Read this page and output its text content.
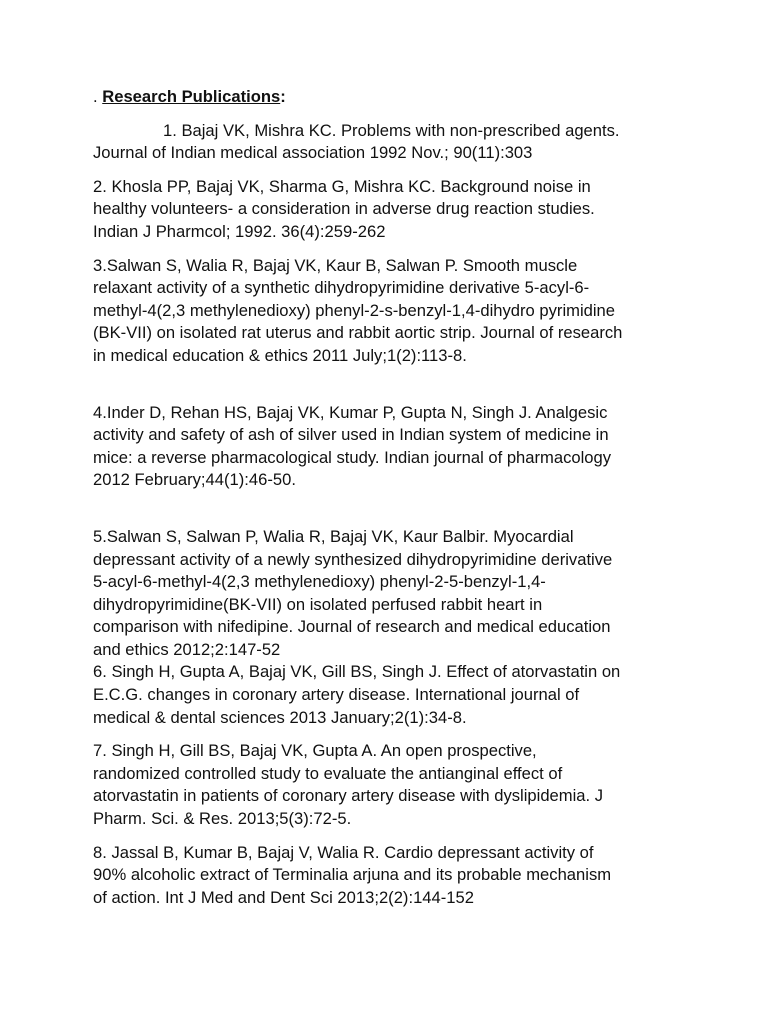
. Research Publications:

1. Bajaj VK, Mishra KC. Problems with non-prescribed agents.
Journal of Indian medical association 1992 Nov.; 90(11):303

2. Khosla PP, Bajaj VK, Sharma G, Mishra KC. Background noise in
healthy volunteers- a consideration in adverse drug reaction studies.
Indian J Pharmcol; 1992. 36(4):259-262

3.Salwan S, Walia R, Bajaj VK, Kaur B, Salwan P. Smooth muscle
relaxant activity of a synthetic dihydropyrimidine derivative 5-acyl-6-
methyl-4(2,3 methylenedioxy) phenyl-2-s-benzyl-1,4-dihydro pyrimidine
(BK-VII) on isolated rat uterus and rabbit aortic strip. Journal of research
in medical education & ethics 2011 July;1(2):113-8.

4.Inder D, Rehan HS, Bajaj VK, Kumar P, Gupta N, Singh J. Analgesic
activity and safety of ash of silver used in Indian system of medicine in
mice: a reverse pharmacological study. Indian journal of pharmacology
2012 February;44(1):46-50.

5.Salwan S, Salwan P, Walia R, Bajaj VK, Kaur Balbir. Myocardial
depressant activity of a newly synthesized dihydropyrimidine derivative
5-acyl-6-methyl-4(2,3 methylenedioxy) phenyl-2-5-benzyl-1,4-
dihydropyrimidine(BK-VII) on isolated perfused rabbit heart in
comparison with nifedipine. Journal of research and medical education
and ethics 2012;2:147-52

6. Singh H, Gupta A, Bajaj VK, Gill BS, Singh J. Effect of atorvastatin on
E.C.G. changes in coronary artery disease. International journal of
medical & dental sciences 2013 January;2(1):34-8.

7. Singh H, Gill BS, Bajaj VK, Gupta A. An open prospective,
randomized controlled study to evaluate the antianginal effect of
atorvastatin in patients of coronary artery disease with dyslipidemia. J
Pharm. Sci. & Res. 2013;5(3):72-5.

8. Jassal B, Kumar B, Bajaj V, Walia R. Cardio depressant activity of
90% alcoholic extract of Terminalia arjuna and its probable mechanism
of action. Int J Med and Dent Sci 2013;2(2):144-152
